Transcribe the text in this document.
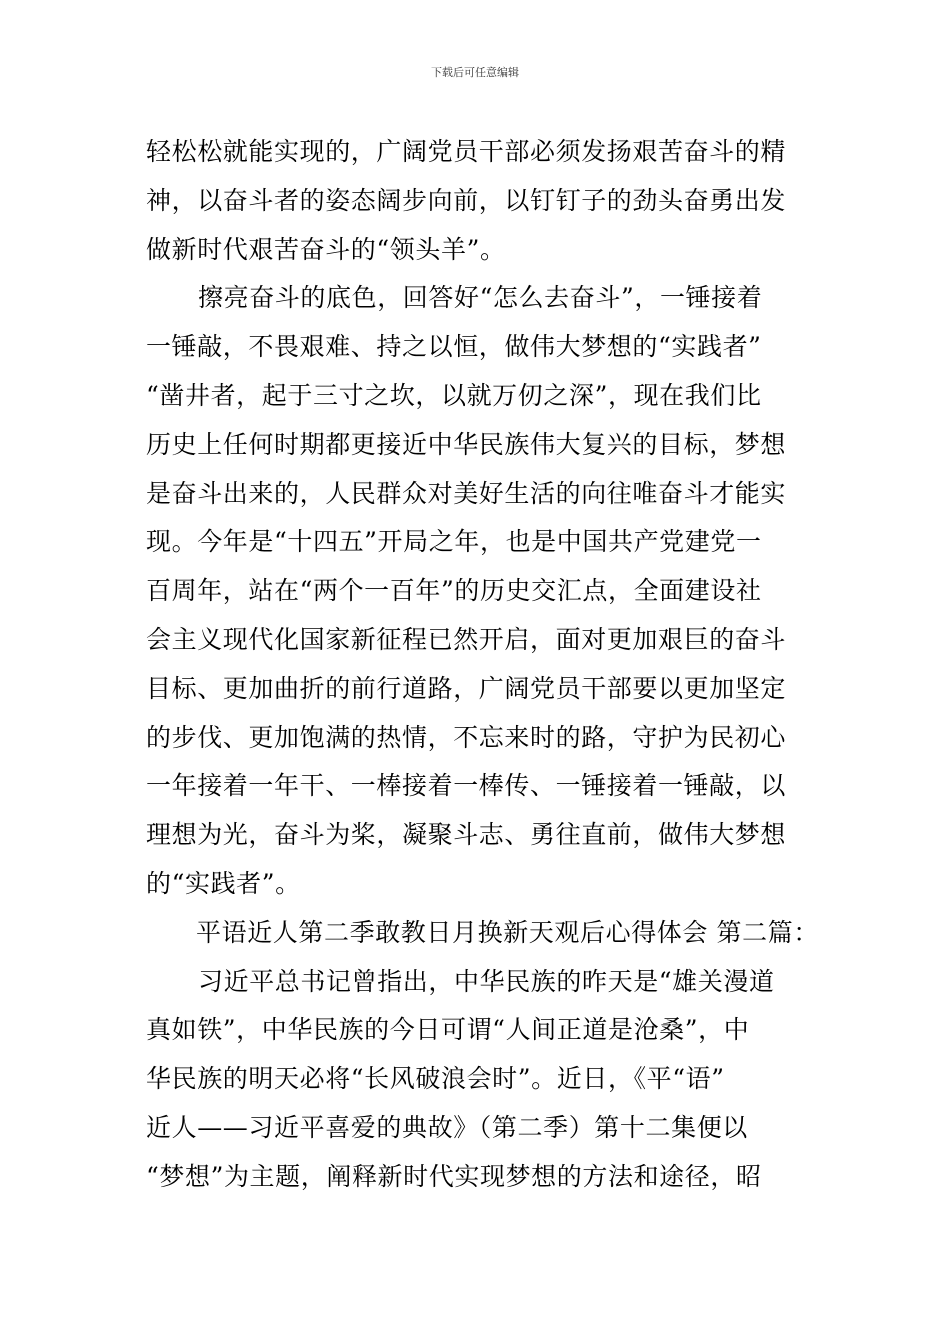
下载后可任意编辑
轻松松就能实现的，广阔党员干部必须发扬艰苦奋斗的精
神，以奋斗者的姿态阔步向前，以钉钉子的劲头奋勇出发
做新时代艰苦奋斗的“领头羊”。
擦亮奋斗的底色，回答好“怎么去奋斗”，一锤接着
一锤敲，不畏艰难、持之以恒，做伟大梦想的“实践者”
“凿井者，起于三寸之坎，以就万仞之深”，现在我们比
历史上任何时期都更接近中华民族伟大复兴的目标，梦想
是奋斗出来的，人民群众对美好生活的向往唯奋斗才能实
现。今年是“十四五”开局之年，也是中国共产党建党一
百周年，站在“两个一百年”的历史交汇点，全面建设社
会主义现代化国家新征程已然开启，面对更加艰巨的奋斗
目标、更加曲折的前行道路，广阔党员干部要以更加坚定
的步伐、更加饱满的热情，不忘来时的路，守护为民初心
一年接着一年干、一棒接着一棒传、一锤接着一锤敲，以
理想为光，奋斗为桨，凝聚斗志、勇往直前，做伟大梦想
的“实践者”。
平语近人第二季敢教日月换新天观后心得体会 第二篇：
习近平总书记曾指出，中华民族的昨天是“雄关漫道
真如铁”，中华民族的今日可谓“人间正道是沧桑”，中
华民族的明天必将“长风破浪会时”。近日，《平“语”
近人——习近平喜爱的典故》（第二季）第十二集便以
“梦想”为主题，阐释新时代实现梦想的方法和途径，昭
